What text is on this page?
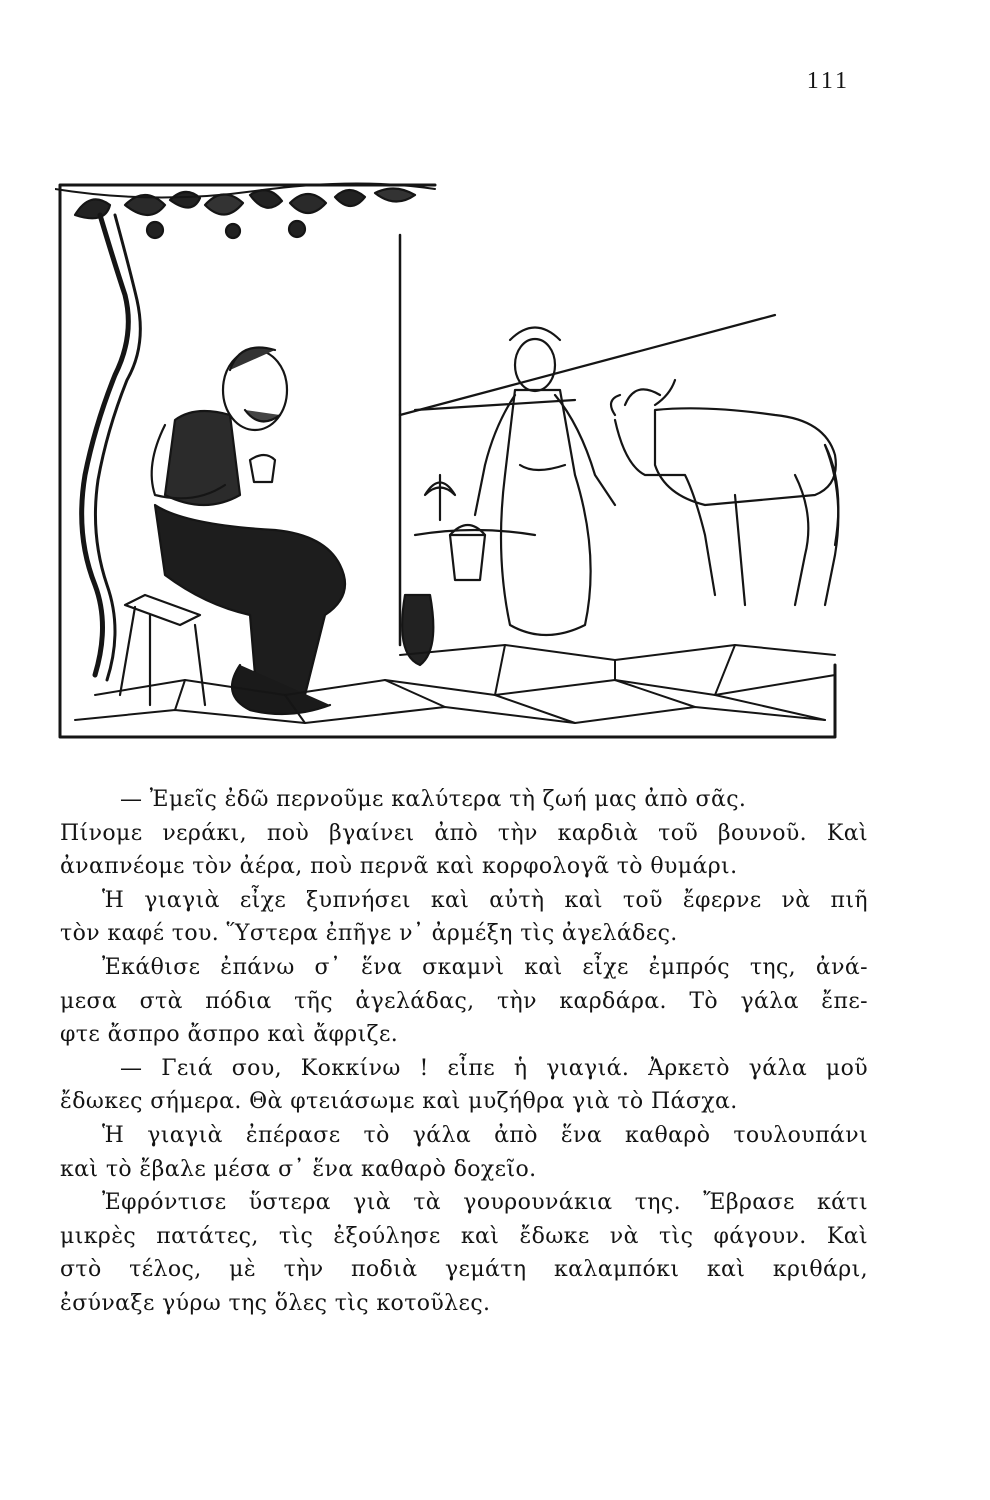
111
— Ἐμεῖς ἐδῶ περνοῦμε καλύτερα τὴ ζωή μας ἀπὸ σᾶς.
Πίνομε νεράκι, ποὺ βγαίνει ἀπὸ τὴν καρδιὰ τοῦ βουνοῦ. Καὶ
ἀναπνέομε τὸν ἀέρα, ποὺ περνᾶ καὶ κορφολογᾶ τὸ θυμάρι.
Ἡ γιαγιὰ εἶχε ξυπνήσει καὶ αὐτὴ καὶ τοῦ ἔφερνε νὰ πιῆ
τὸν καφέ του. Ὕστερα ἐπῆγε ν᾿ ἀρμέξη τὶς ἀγελάδες.
Ἐκάθισε ἐπάνω σ᾿ ἕνα σκαμνὶ καὶ εἶχε ἐμπρός της, ἀνά-
μεσα στὰ πόδια τῆς ἀγελάδας, τὴν καρδάρα. Τὸ γάλα ἔπε-
φτε ἄσπρο ἄσπρο καὶ ἄφριζε.
— Γειά σου, Κοκκίνω ! εἶπε ἡ γιαγιά. Ἀρκετὸ γάλα μοῦ
ἔδωκες σήμερα. Θὰ φτειάσωμε καὶ μυζήθρα γιὰ τὸ Πάσχα.
Ἡ γιαγιὰ ἐπέρασε τὸ γάλα ἀπὸ ἕνα καθαρὸ τουλουπάνι
καὶ τὸ ἔβαλε μέσα σ᾿ ἕνα καθαρὸ δοχεῖο.
Ἐφρόντισε ὕστερα γιὰ τὰ γουρουνάκια της. Ἔβρασε κάτι
μικρὲς πατάτες, τὶς ἐξούλησε καὶ ἔδωκε νὰ τὶς φάγουν. Καὶ
στὸ τέλος, μὲ τὴν ποδιὰ γεμάτη καλαμπόκι καὶ κριθάρι,
ἐσύναξε γύρω της ὅλες τὶς κοτοῦλες.
